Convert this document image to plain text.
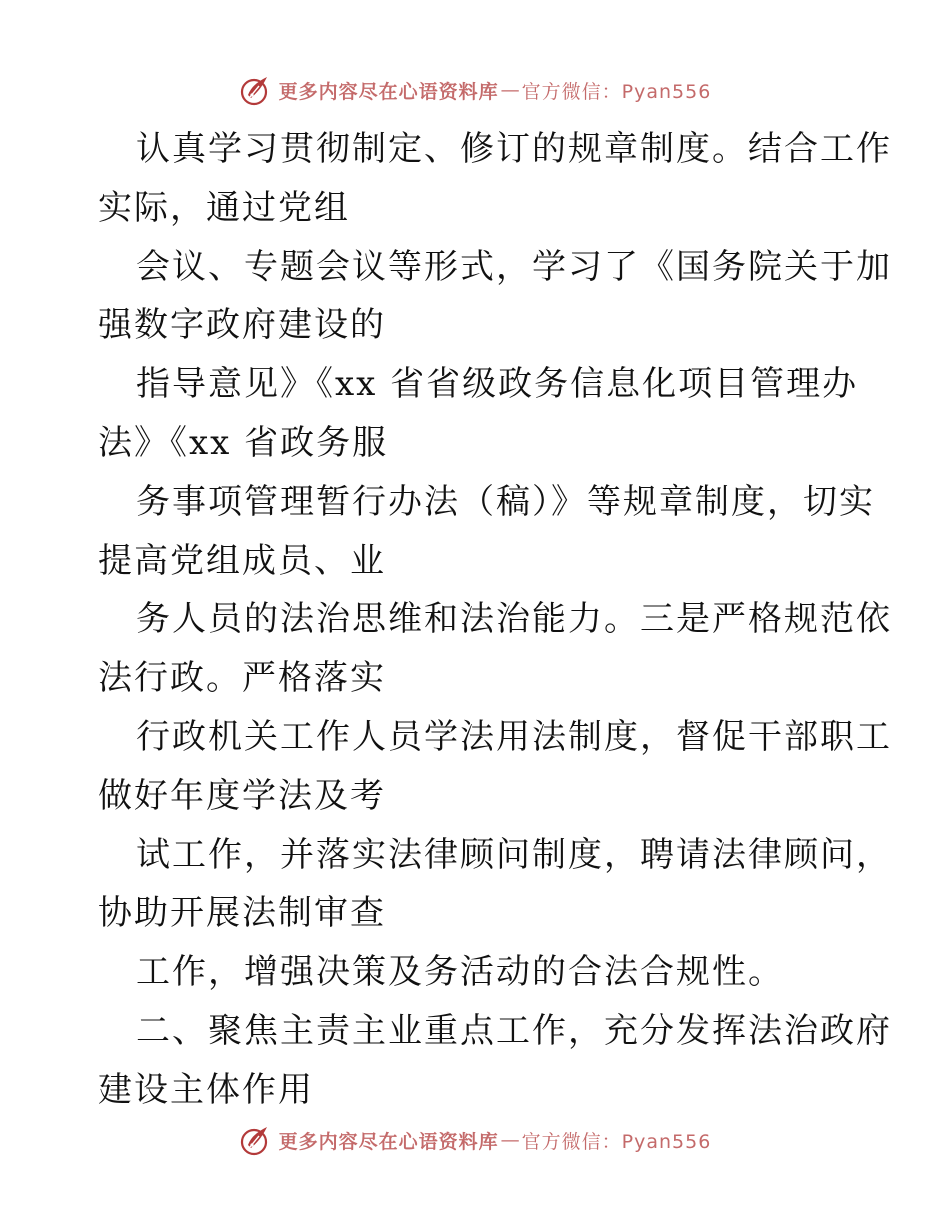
更多内容尽在心语资料库 — 官方微信：Pyan556
认真学习贯彻制定、修订的规章制度。结合工作
实际，通过党组
会议、专题会议等形式，学习了《国务院关于加
强数字政府建设的
指导意见》《xx 省省级政务信息化项目管理办
法》《xx 省政务服
务事项管理暂行办法（稿）》等规章制度，切实
提高党组成员、业
务人员的法治思维和法治能力。三是严格规范依
法行政。严格落实
行政机关工作人员学法用法制度，督促干部职工
做好年度学法及考
试工作，并落实法律顾问制度，聘请法律顾问，
协助开展法制审查
工作，增强决策及务活动的合法合规性。
二、聚焦主责主业重点工作，充分发挥法治政府
建设主体作用
更多内容尽在心语资料库 — 官方微信：Pyan556
